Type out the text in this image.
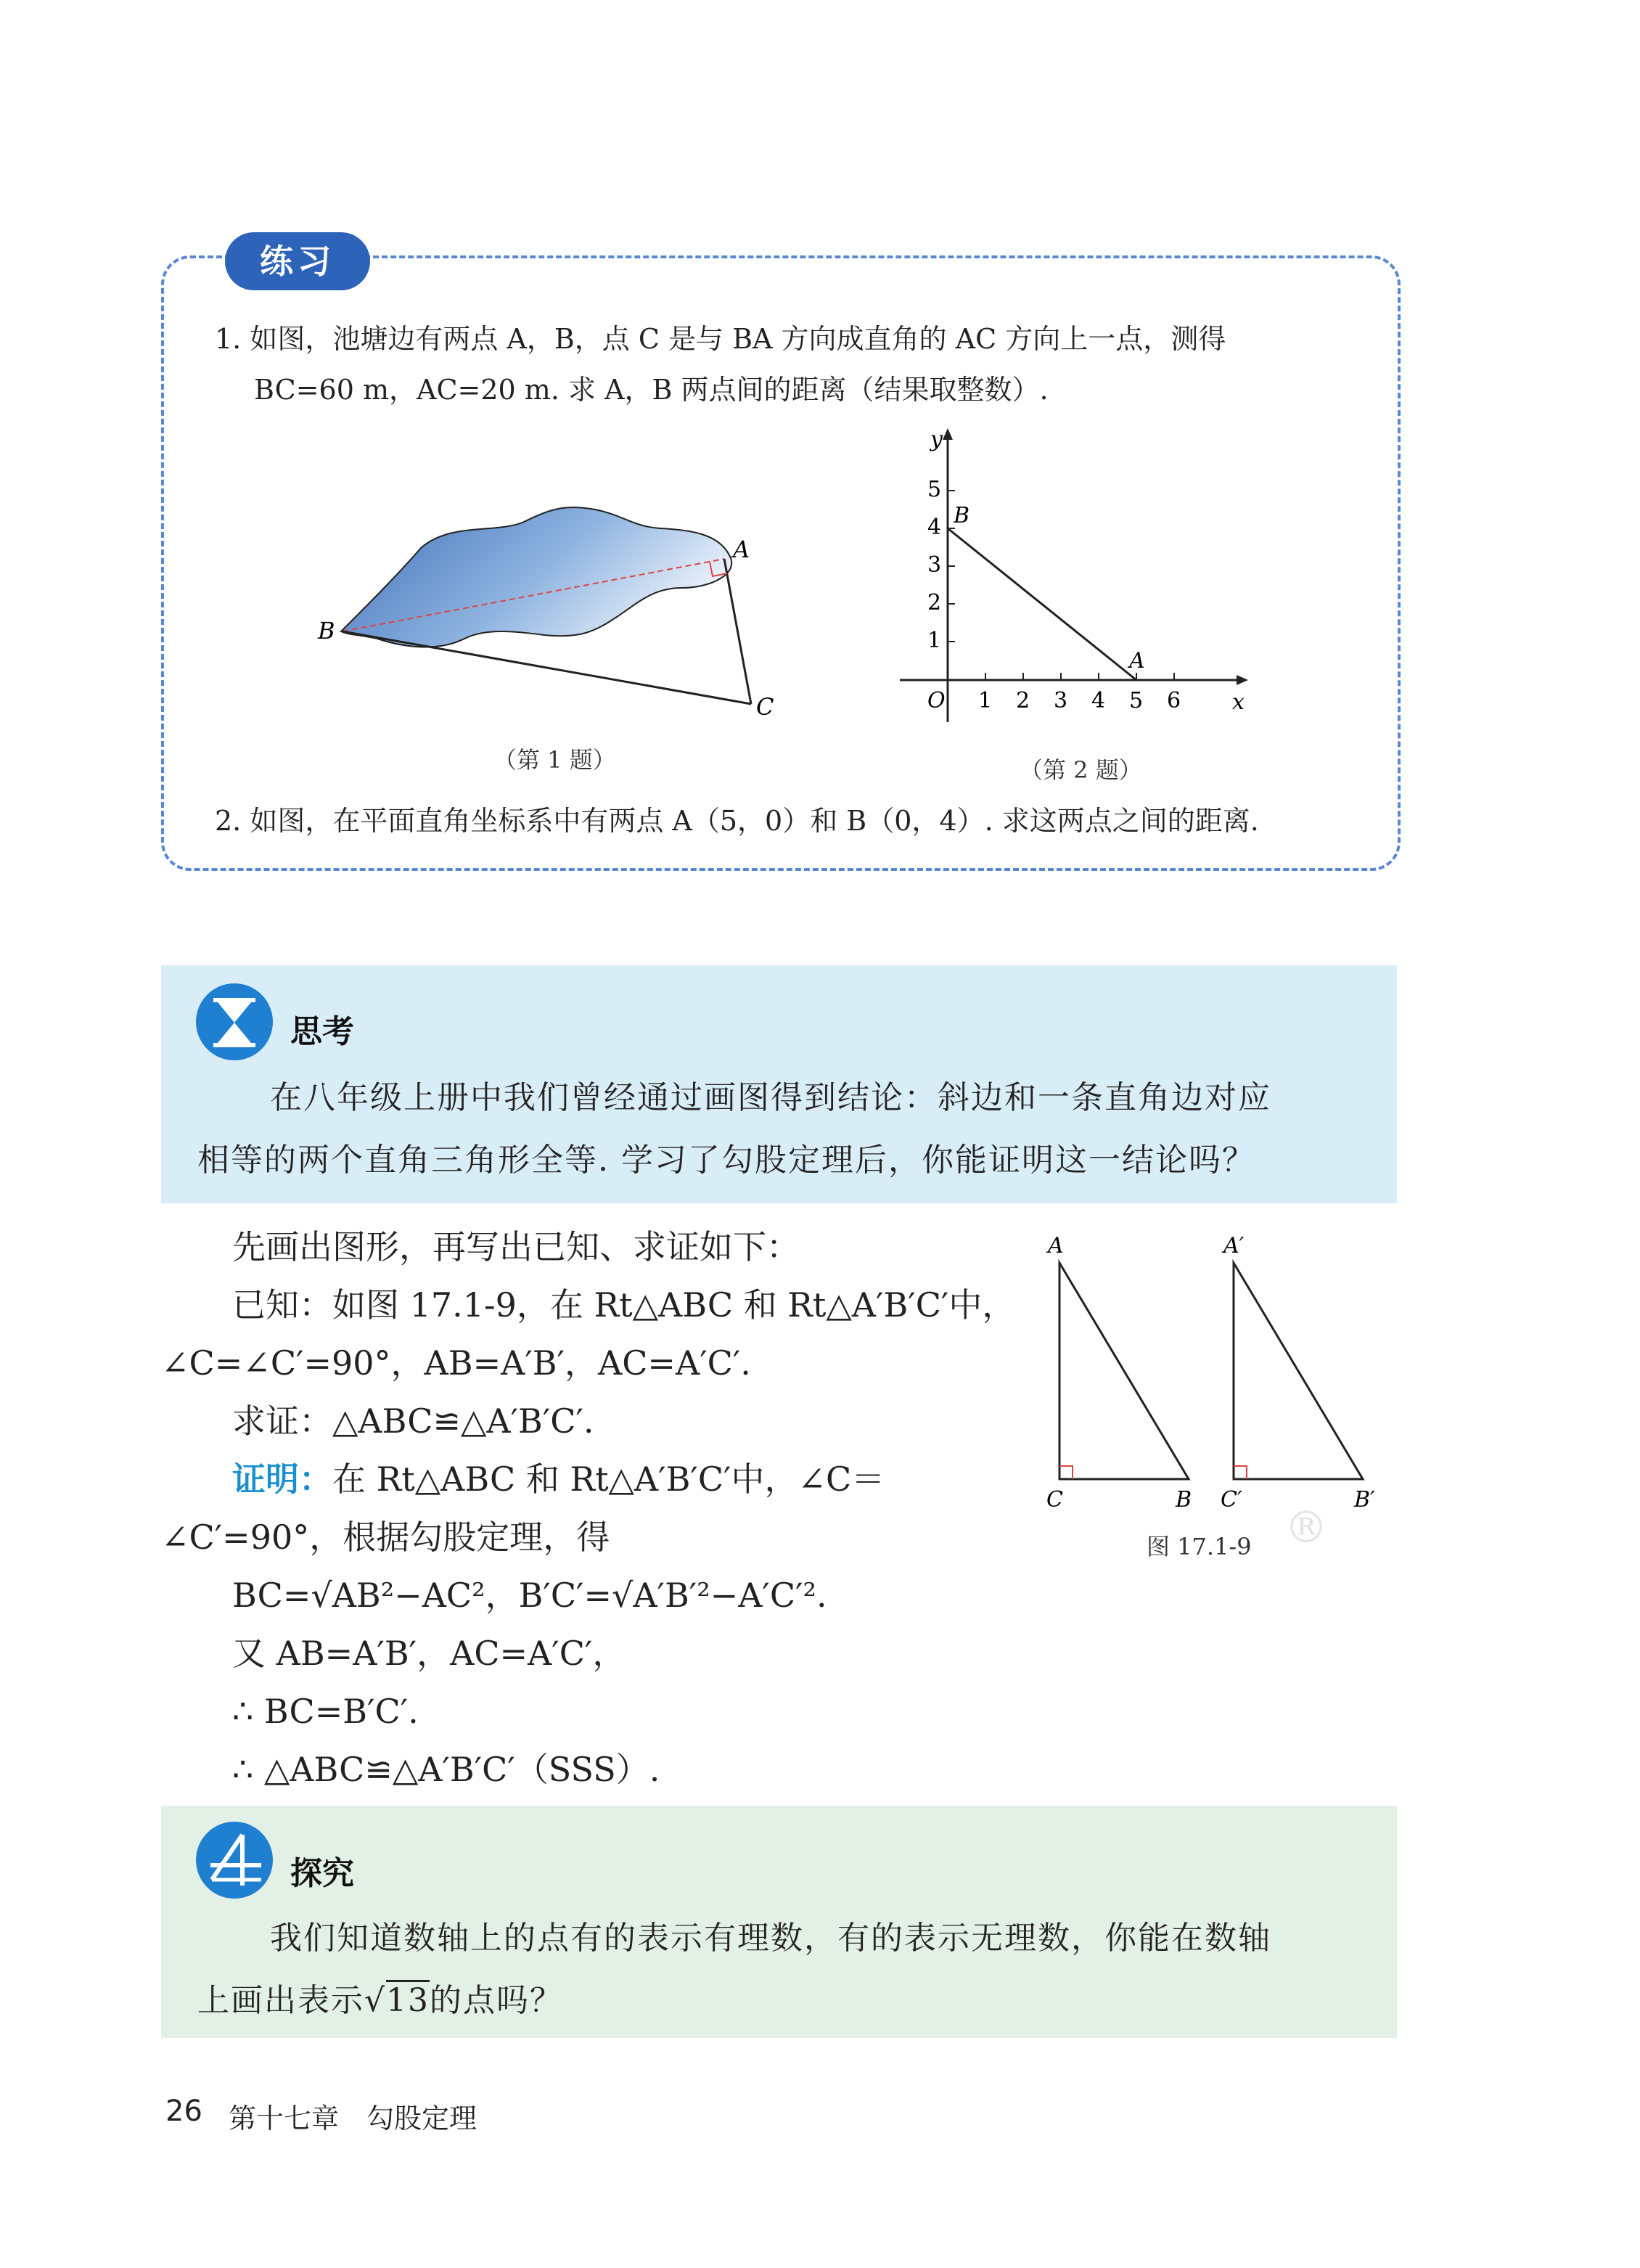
练习
1. 如图，池塘边有两点 A，B，点 C 是与 BA 方向成直角的 AC 方向上一点，测得
BC=60 m，AC=20 m. 求 A，B 两点间的距离（结果取整数）.
A
B
C
（第 1 题）
y
x
O
1
2
3
4
5
1 2 3 4 5 6
B
A
（第 2 题）
2. 如图，在平面直角坐标系中有两点 A（5，0）和 B（0，4）. 求这两点之间的距离.
思考
在八年级上册中我们曾经通过画图得到结论：斜边和一条直角边对应
相等的两个直角三角形全等. 学习了勾股定理后，你能证明这一结论吗？
先画出图形，再写出已知、求证如下：
已知：如图 17.1-9，在 Rt△ABC 和 Rt△A′B′C′中，
∠C=∠C′=90°，AB=A′B′，AC=A′C′.
求证：△ABC≌△A′B′C′.
证明：在 Rt△ABC 和 Rt△A′B′C′中，∠C＝
∠C′=90°，根据勾股定理，得
BC=√AB²−AC²，B′C′=√A′B′²−A′C′².
又 AB=A′B′，AC=A′C′，
∴ BC=B′C′.
∴ △ABC≌△A′B′C′（SSS）.
A
C	B
A′
C′	B′
图 17.1-9 ®
探究
我们知道数轴上的点有的表示有理数，有的表示无理数，你能在数轴
上画出表示√13的点吗？
26 第十七章　勾股定理
